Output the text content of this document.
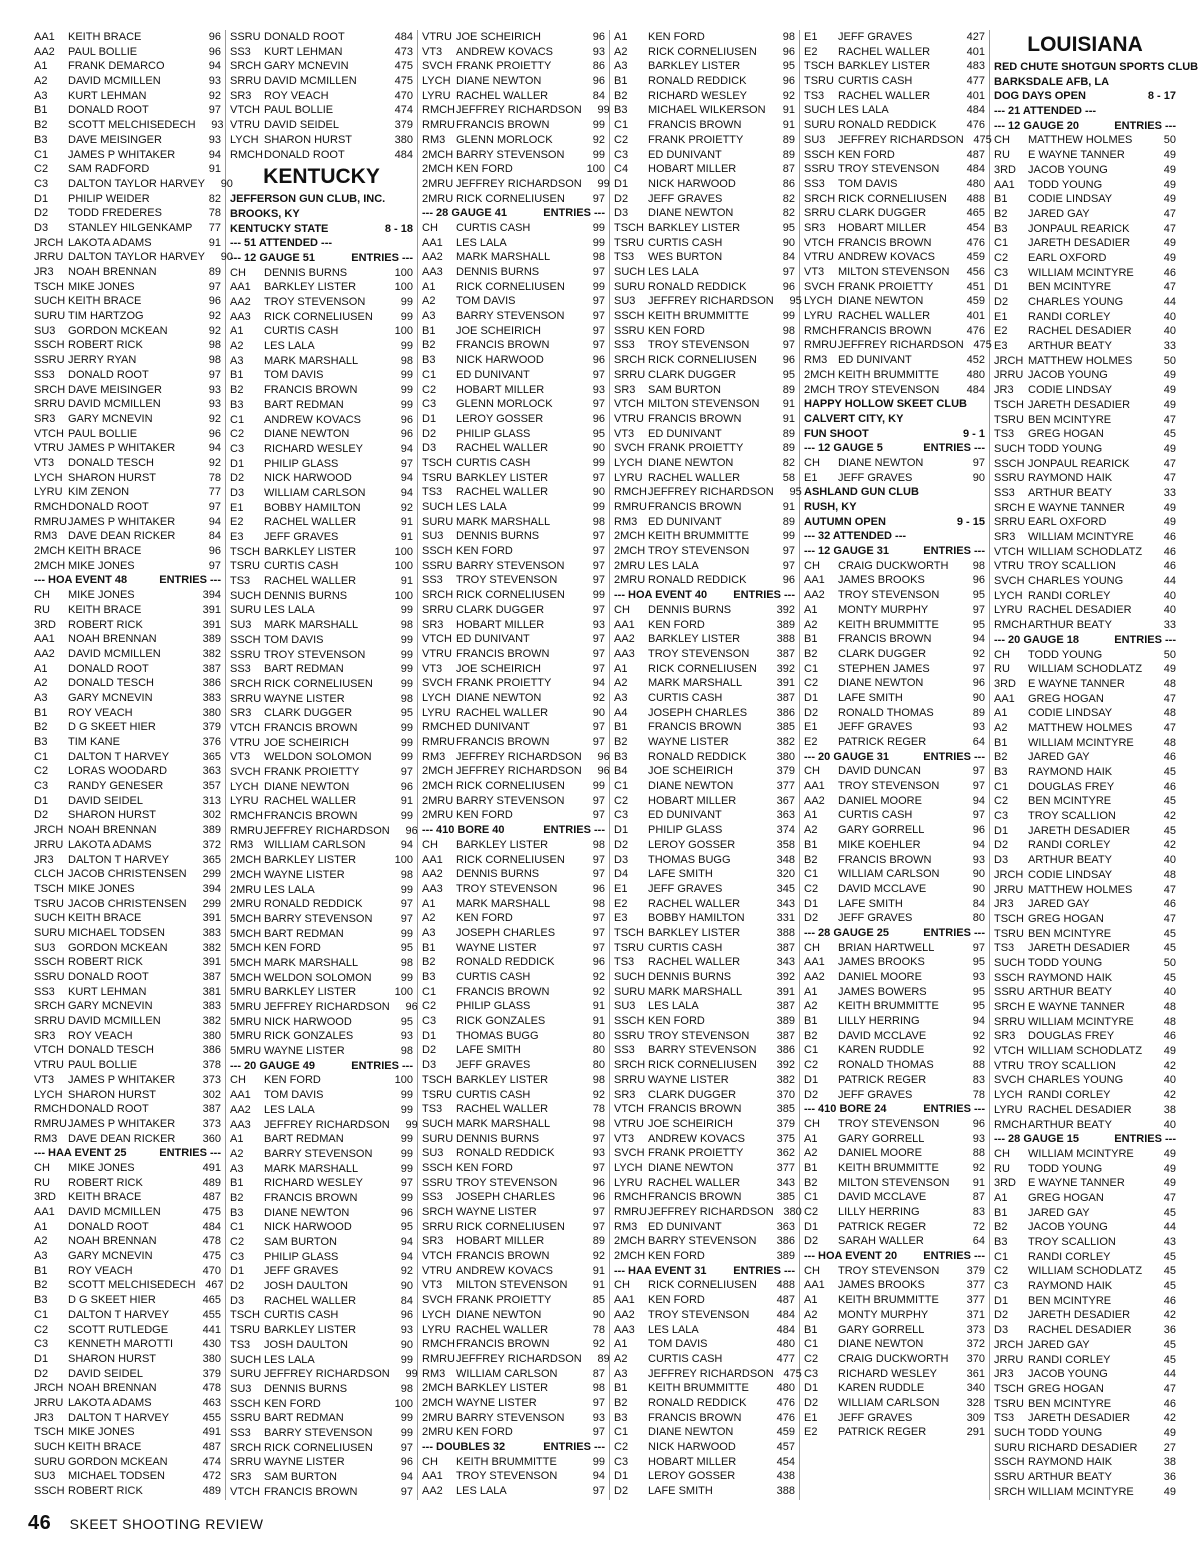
AA1	KEITH BRACE	96
AA2	PAUL BOLLIE	96
A1	FRANK DEMARCO	94
A2	DAVID MCMILLEN	93
A3	KURT LEHMAN	92
B1	DONALD ROOT	97
B2	SCOTT MELCHISEDECH	93
B3	DAVE MEISINGER	93
C1	JAMES P WHITAKER	94
C2	SAM RADFORD	91
C3	DALTON TAYLOR HARVEY	90
D1	PHILIP WEIDER	82
D2	TODD FREDERES	78
D3	STANLEY HILGENKAMP	77
JRCH LAKOTA ADAMS	91
JRRU DALTON TAYLOR HARVEY	90
JR3	NOAH BRENNAN	89
TSCH MIKE JONES	97
SUCH KEITH BRACE	96
SURU TIM HARTZOG	92
SU3	GORDON MCKEAN	92
SSCH ROBERT RICK	98
SSRU JERRY RYAN	98
SS3	DONALD ROOT	97
SRCH DAVE MEISINGER	93
SRRU DAVID MCMILLEN	93
SR3	GARY MCNEVIN	92
VTCH PAUL BOLLIE	96
VTRU JAMES P WHITAKER	94
VT3	DONALD TESCH	92
LYCH SHARON HURST	78
LYRU KIM ZENON	77
RMCH DONALD ROOT	97
RMRU JAMES P WHITAKER	94
RM3 DAVE DEAN RICKER	84
2MCH KEITH BRACE	96
2MCH MIKE JONES	97
--- HOA EVENT 48	ENTRIES ---
CH	MIKE JONES	394
RU	KEITH BRACE	391
3RD	ROBERT RICK	391
AA1	NOAH BRENNAN	389
AA2	DAVID MCMILLEN	382
A1	DONALD ROOT	387
A2	DONALD TESCH	386
A3	GARY MCNEVIN	383
B1	ROY VEACH	380
B2	D G SKEET HIER	379
B3	TIM KANE	376
C1	DALTON T HARVEY	365
C2	LORAS WOODARD	363
C3	RANDY GENESER	357
D1	DAVID SEIDEL	313
D2	SHARON HURST	302
JRCH NOAH BRENNAN	389
JRRU LAKOTA ADAMS	372
JR3	DALTON T HARVEY	365
CLCH JACOB CHRISTENSEN	299
TSCH MIKE JONES	394
TSRU JACOB CHRISTENSEN	299
SUCH KEITH BRACE	391
SURU MICHAEL TODSEN	383
SU3	GORDON MCKEAN	382
SSCH ROBERT RICK	391
SSRU DONALD ROOT	387
SS3	KURT LEHMAN	381
SRCH GARY MCNEVIN	383
SRRU DAVID MCMILLEN	382
SR3	ROY VEACH	380
VTCH DONALD TESCH	386
VTRU PAUL BOLLIE	378
VT3	JAMES P WHITAKER	373
LYCH SHARON HURST	302
RMCH DONALD ROOT	387
RMRU JAMES P WHITAKER	373
RM3 DAVE DEAN RICKER	360
--- HAA EVENT 25	ENTRIES ---
CH	MIKE JONES	491
RU	ROBERT RICK	489
3RD	KEITH BRACE	487
AA1	DAVID MCMILLEN	475
A1	DONALD ROOT	484
A2	NOAH BRENNAN	478
A3	GARY MCNEVIN	475
B1	ROY VEACH	470
B2	SCOTT MELCHISEDECH 467
B3	D G SKEET HIER	465
C1	DALTON T HARVEY	455
C2	SCOTT RUTLEDGE	441
C3	KENNETH MAROTTI	430
D1	SHARON HURST	380
D2	DAVID SEIDEL	379
JRCH NOAH BRENNAN	478
JRRU LAKOTA ADAMS	463
JR3	DALTON T HARVEY	455
TSCH MIKE JONES	491
SUCH KEITH BRACE	487
SURU GORDON MCKEAN	474
SU3	MICHAEL TODSEN	472
SSCH ROBERT RICK	489
SSRU DONALD ROOT	484
SS3	KURT LEHMAN	473
SRCH GARY MCNEVIN	475
SRRU DAVID MCMILLEN	475
SR3	ROY VEACH	470
VTCH PAUL BOLLIE	474
VTRU DAVID SEIDEL	379
LYCH SHARON HURST	380
RMCH DONALD ROOT	484
KENTUCKY
JEFFERSON GUN CLUB, INC.
BROOKS, KY
KENTUCKY STATE	8 - 18
--- 51 ATTENDED ---
--- 12 GAUGE 51	ENTRIES ---
CH	DENNIS BURNS	100
AA1	BARKLEY LISTER	100
AA2	TROY STEVENSON	99
AA3	RICK CORNELIUSEN	99
A1	CURTIS CASH	100
A2	LES LALA	99
A3	MARK MARSHALL	98
B1	TOM DAVIS	99
B2	FRANCIS BROWN	99
B3	BART REDMAN	99
C1	ANDREW KOVACS	96
C2	DIANE NEWTON	96
C3	RICHARD WESLEY	94
D1	PHILIP GLASS	97
D2	NICK HARWOOD	94
D3	WILLIAM CARLSON	94
E1	BOBBY HAMILTON	92
E2	RACHEL WALLER	91
E3	JEFF GRAVES	91
TSCH BARKLEY LISTER	100
TSRU CURTIS CASH	100
TS3	RACHEL WALLER	91
SUCH DENNIS BURNS	100
SURU LES LALA	99
SU3	MARK MARSHALL	98
SSCH TOM DAVIS	99
SSRU TROY STEVENSON	99
SS3	BART REDMAN	99
SRCH RICK CORNELIUSEN	99
SRRU WAYNE LISTER	98
SR3	CLARK DUGGER	95
VTCH FRANCIS BROWN	99
VTRU JOE SCHEIRICH	99
VT3	WELDON SOLOMON	99
SVCH FRANK PROIETTY	97
LYCH DIANE NEWTON	96
LYRU RACHEL WALLER	91
RMCH FRANCIS BROWN	99
RMRU JEFFREY RICHARDSON	96
RM3 WILLIAM CARLSON	94
2MCH BARKLEY LISTER	100
2MCH WAYNE LISTER	98
2MRU LES LALA	99
2MRU RONALD REDDICK	97
5MCH BARRY STEVENSON	97
5MCH BART REDMAN	99
5MCH KEN FORD	95
5MCH MARK MARSHALL	98
5MCH WELDON SOLOMON	99
5MRU BARKLEY LISTER	100
5MRU JEFFREY RICHARDSON	96
5MRU NICK HARWOOD	95
5MRU RICK GONZALES	93
5MRU WAYNE LISTER	98
--- 20 GAUGE 49	ENTRIES ---
CH	KEN FORD	100
AA1	TOM DAVIS	99
AA2	LES LALA	99
AA3	JEFFREY RICHARDSON	99
A1	BART REDMAN	99
A2	BARRY STEVENSON	99
A3	MARK MARSHALL	99
B1	RICHARD WESLEY	97
B2	FRANCIS BROWN	99
B3	DIANE NEWTON	96
C1	NICK HARWOOD	95
C2	SAM BURTON	94
C3	PHILIP GLASS	94
D1	JEFF GRAVES	92
D2	JOSH DAULTON	90
D3	RACHEL WALLER	84
TSCH CURTIS CASH	96
TSRU BARKLEY LISTER	93
TS3	JOSH DAULTON	90
SUCH LES LALA	99
SURU JEFFREY RICHARDSON	99
SU3	DENNIS BURNS	98
SSCH KEN FORD	100
SSRU BART REDMAN	99
SS3	BARRY STEVENSON	99
SRCH RICK CORNELIUSEN	97
SRRU WAYNE LISTER	96
SR3	SAM BURTON	94
VTCH FRANCIS BROWN	97
VTRU JOE SCHEIRICH	96
VT3	ANDREW KOVACS	93
SVCH FRANK PROIETTY	86
LYCH DIANE NEWTON	96
LYRU RACHEL WALLER	84
RMCH JEFFREY RICHARDSON	99
RMRU FRANCIS BROWN	99
RM3 GLENN MORLOCK	92
2MCH BARRY STEVENSON	99
2MCH KEN FORD	100
2MRU JEFFREY RICHARDSON	99
2MRU RICK CORNELIUSEN	97
--- 28 GAUGE 41	ENTRIES ---
CH	CURTIS CASH	99
AA1	LES LALA	99
AA2	MARK MARSHALL	98
AA3	DENNIS BURNS	97
A1	RICK CORNELIUSEN	99
A2	TOM DAVIS	97
A3	BARRY STEVENSON	97
B1	JOE SCHEIRICH	97
B2	FRANCIS BROWN	97
B3	NICK HARWOOD	96
C1	ED DUNIVANT	97
C2	HOBART MILLER	93
C3	GLENN MORLOCK	97
D1	LEROY GOSSER	96
D2	PHILIP GLASS	95
D3	RACHEL WALLER	90
TSCH CURTIS CASH	99
TSRU BARKLEY LISTER	97
TS3	RACHEL WALLER	90
SUCH LES LALA	99
SURU MARK MARSHALL	98
SU3	DENNIS BURNS	97
SSCH KEN FORD	97
SSRU BARRY STEVENSON	97
SS3	TROY STEVENSON	97
SRCH RICK CORNELIUSEN	99
SRRU CLARK DUGGER	97
SR3	HOBART MILLER	93
VTCH ED DUNIVANT	97
VTRU FRANCIS BROWN	97
VT3	JOE SCHEIRICH	97
SVCH FRANK PROIETTY	94
LYCH DIANE NEWTON	92
LYRU RACHEL WALLER	90
RMCH ED DUNIVANT	97
RMRU FRANCIS BROWN	97
RM3 JEFFREY RICHARDSON	96
2MCH JEFFREY RICHARDSON	96
2MCH RICK CORNELIUSEN	99
2MRU BARRY STEVENSON	97
2MRU KEN FORD	97
--- 410 BORE 40	ENTRIES ---
CH	BARKLEY LISTER	98
AA1	RICK CORNELIUSEN	97
AA2	DENNIS BURNS	97
AA3	TROY STEVENSON	96
A1	MARK MARSHALL	98
A2	KEN FORD	97
A3	JOSEPH CHARLES	97
B1	WAYNE LISTER	97
B2	RONALD REDDICK	96
B3	CURTIS CASH	92
C1	FRANCIS BROWN	92
C2	PHILIP GLASS	91
C3	RICK GONZALES	91
D1	THOMAS BUGG	80
D2	LAFE SMITH	80
D3	JEFF GRAVES	80
TSCH BARKLEY LISTER	98
TSRU CURTIS CASH	92
TS3	RACHEL WALLER	78
SUCH MARK MARSHALL	98
SURU DENNIS BURNS	97
SU3	RONALD REDDICK	93
SSCH KEN FORD	97
SSRU TROY STEVENSON	96
SS3	JOSEPH CHARLES	96
SRCH WAYNE LISTER	97
SRRU RICK CORNELIUSEN	97
SR3	HOBART MILLER	89
VTCH FRANCIS BROWN	92
VTRU ANDREW KOVACS	91
VT3	MILTON STEVENSON	91
SVCH FRANK PROIETTY	85
LYCH DIANE NEWTON	90
LYRU RACHEL WALLER	78
RMCH FRANCIS BROWN	92
RMRU JEFFREY RICHARDSON	89
RM3 WILLIAM CARLSON	87
2MCH BARKLEY LISTER	98
2MCH WAYNE LISTER	97
2MRU BARRY STEVENSON	93
2MRU KEN FORD	97
--- DOUBLES 32	ENTRIES ---
CH	KEITH BRUMMITTE	99
AA1	TROY STEVENSON	94
AA2	LES LALA	97
A1	KEN FORD	98
A2	RICK CORNELIUSEN	96
A3	BARKLEY LISTER	95
B1	RONALD REDDICK	96
B2	RICHARD WESLEY	92
B3	MICHAEL WILKERSON	91
C1	FRANCIS BROWN	91
C2	FRANK PROIETTY	89
C3	ED DUNIVANT	89
C4	HOBART MILLER	87
D1	NICK HARWOOD	86
D2	JEFF GRAVES	82
D3	DIANE NEWTON	82
TSCH BARKLEY LISTER	95
TSRU CURTIS CASH	90
TS3	WES BURTON	84
SUCH LES LALA	97
SURU RONALD REDDICK	96
SU3	JEFFREY RICHARDSON	95
SSCH KEITH BRUMMITTE	99
SSRU KEN FORD	98
SS3	TROY STEVENSON	97
SRCH RICK CORNELIUSEN	96
SRRU CLARK DUGGER	95
SR3	SAM BURTON	89
VTCH MILTON STEVENSON	91
VTRU FRANCIS BROWN	91
VT3	ED DUNIVANT	89
SVCH FRANK PROIETTY	89
LYCH DIANE NEWTON	82
LYRU RACHEL WALLER	58
RMCH JEFFREY RICHARDSON	95
RMRU FRANCIS BROWN	91
RM3 ED DUNIVANT	89
2MCH KEITH BRUMMITTE	99
2MCH TROY STEVENSON	97
2MRU LES LALA	97
2MRU RONALD REDDICK	96
--- HOA EVENT 40 ENTRIES ---
CH	DENNIS BURNS	392
AA1	KEN FORD	389
AA2	BARKLEY LISTER	388
AA3	TROY STEVENSON	387
A1	RICK CORNELIUSEN	392
A2	MARK MARSHALL	391
A3	CURTIS CASH	387
A4	JOSEPH CHARLES	386
B1	FRANCIS BROWN	385
B2	WAYNE LISTER	382
B3	RONALD REDDICK	380
B4	JOE SCHEIRICH	379
C1	DIANE NEWTON	377
C2	HOBART MILLER	367
C3	ED DUNIVANT	363
D1	PHILIP GLASS	374
D2	LEROY GOSSER	358
D3	THOMAS BUGG	348
D4	LAFE SMITH	320
E1	JEFF GRAVES	345
E2	RACHEL WALLER	343
E3	BOBBY HAMILTON	331
TSCH BARKLEY LISTER	388
TSRU CURTIS CASH	387
TS3	RACHEL WALLER	343
SUCH DENNIS BURNS	392
SURU MARK MARSHALL	391
SU3	LES LALA	387
SSCH KEN FORD	389
SSRU TROY STEVENSON	387
SS3	BARRY STEVENSON	386
SRCH RICK CORNELIUSEN	392
SRRU WAYNE LISTER	382
SR3	CLARK DUGGER	370
VTCH FRANCIS BROWN	385
VTRU JOE SCHEIRICH	379
VT3	ANDREW KOVACS	375
SVCH FRANK PROIETTY	362
LYCH DIANE NEWTON	377
LYRU RACHEL WALLER	343
RMCH FRANCIS BROWN	385
RMRU JEFFREY RICHARDSON 380
RM3 ED DUNIVANT	363
2MCH BARRY STEVENSON	386
2MCH KEN FORD	389
--- HAA EVENT 31 ENTRIES ---
CH	RICK CORNELIUSEN	488
AA1	KEN FORD	487
AA2	TROY STEVENSON	484
AA3	LES LALA	484
A1	TOM DAVIS	480
A2	CURTIS CASH	477
A3	JEFFREY RICHARDSON 475
B1	KEITH BRUMMITTE	480
B2	RONALD REDDICK	476
B3	FRANCIS BROWN	476
C1	DIANE NEWTON	459
C2	NICK HARWOOD	457
C3	HOBART MILLER	454
D1	LEROY GOSSER	438
D2	LAFE SMITH	388
E1	JEFF GRAVES	427
E2	RACHEL WALLER	401
TSCH BARKLEY LISTER	483
TSRU CURTIS CASH	477
TS3	RACHEL WALLER	401
SUCH LES LALA	484
SURU RONALD REDDICK	476
SU3	JEFFREY RICHARDSON 475
SSCH KEN FORD	487
SSRU TROY STEVENSON	484
SS3	TOM DAVIS	480
SRCH RICK CORNELIUSEN	488
SRRU CLARK DUGGER	465
SR3	HOBART MILLER	454
VTCH FRANCIS BROWN	476
VTRU ANDREW KOVACS	459
VT3	MILTON STEVENSON	456
SVCH FRANK PROIETTY	451
LYCH DIANE NEWTON	459
LYRU RACHEL WALLER	401
RMCH FRANCIS BROWN	476
RMRU JEFFREY RICHARDSON 475
RM3 ED DUNIVANT	452
2MCH KEITH BRUMMITTE	480
2MCH TROY STEVENSON	484
HAPPY HOLLOW SKEET CLUB
CALVERT CITY, KY
FUN SHOOT	9 - 1
--- 12 GAUGE 5	ENTRIES ---
CH	DIANE NEWTON	97
E1	JEFF GRAVES	90
ASHLAND GUN CLUB
RUSH, KY
AUTUMN OPEN	9 - 15
--- 32 ATTENDED ---
--- 12 GAUGE 31	ENTRIES ---
CH	CRAIG DUCKWORTH	98
AA1	JAMES BROOKS	96
AA2	TROY STEVENSON	95
A1	MONTY MURPHY	97
A2	KEITH BRUMMITTE	95
B1	FRANCIS BROWN	94
B2	CLARK DUGGER	92
C1	STEPHEN JAMES	97
C2	DIANE NEWTON	96
D1	LAFE SMITH	90
D2	RONALD THOMAS	89
E1	JEFF GRAVES	93
E2	PATRICK REGER	64
--- 20 GAUGE 31	ENTRIES ---
CH	DAVID DUNCAN	97
AA1	TROY STEVENSON	97
AA2	DANIEL MOORE	94
A1	CURTIS CASH	97
A2	GARY GORRELL	96
B1	MIKE KOEHLER	94
B2	FRANCIS BROWN	93
C1	WILLIAM CARLSON	90
C2	DAVID MCCLAVE	90
D1	LAFE SMITH	84
D2	JEFF GRAVES	80
--- 28 GAUGE 25	ENTRIES ---
CH	BRIAN HARTWELL	97
AA1	JAMES BROOKS	95
AA2	DANIEL MOORE	93
A1	JAMES BOWERS	95
A2	KEITH BRUMMITTE	95
B1	LILLY HERRING	94
B2	DAVID MCCLAVE	92
C1	KAREN RUDDLE	92
C2	RONALD THOMAS	88
D1	PATRICK REGER	83
D2	JEFF GRAVES	78
--- 410 BORE 24	ENTRIES ---
CH	TROY STEVENSON	96
A1	GARY GORRELL	93
A2	DANIEL MOORE	88
B1	KEITH BRUMMITTE	92
B2	MILTON STEVENSON	91
C1	DAVID MCCLAVE	87
C2	LILLY HERRING	83
D1	PATRICK REGER	72
D2	SARAH WALLER	64
--- HOA EVENT 20 ENTRIES ---
CH	TROY STEVENSON	379
AA1	JAMES BROOKS	377
A1	KEITH BRUMMITTE	377
A2	MONTY MURPHY	371
B1	GARY GORRELL	373
C1	DIANE NEWTON	372
C2	CRAIG DUCKWORTH	370
C3	RICHARD WESLEY	361
D1	KAREN RUDDLE	340
D2	WILLIAM CARLSON	328
E1	JEFF GRAVES	309
E2	PATRICK REGER	291
LOUISIANA
RED CHUTE SHOTGUN SPORTS CLUB
BARKSDALE AFB, LA
DOG DAYS OPEN	8 - 17
--- 21 ATTENDED ---
--- 12 GAUGE 20	ENTRIES ---
CH	MATTHEW HOLMES	50
RU	E WAYNE TANNER	49
3RD	JACOB YOUNG	49
AA1	TODD YOUNG	49
B1	CODIE LINDSAY	49
B2	JARED GAY	47
B3	JONPAUL REARICK	47
C1	JARETH DESADIER	49
C2	EARL OXFORD	49
C3	WILLIAM MCINTYRE	46
D1	BEN MCINTYRE	47
D2	CHARLES YOUNG	44
E1	RANDI CORLEY	40
E2	RACHEL DESADIER	40
E3	ARTHUR BEATY	33
JRCH MATTHEW HOLMES	50
JRRU JACOB YOUNG	49
JR3	CODIE LINDSAY	49
TSCH JARETH DESADIER	49
TSRU BEN MCINTYRE	47
TS3	GREG HOGAN	45
SUCH TODD YOUNG	49
SSCH JONPAUL REARICK	47
SSRU RAYMOND HAIK	47
SS3	ARTHUR BEATY	33
SRCH E WAYNE TANNER	49
SRRU EARL OXFORD	49
SR3	WILLIAM MCINTYRE	46
VTCH WILLIAM SCHODLATZ	46
VTRU TROY SCALLION	46
SVCH CHARLES YOUNG	44
LYCH RANDI CORLEY	40
LYRU RACHEL DESADIER	40
RMCH ARTHUR BEATY	33
--- 20 GAUGE 18	ENTRIES ---
CH	TODD YOUNG	50
RU	WILLIAM SCHODLATZ	49
3RD	E WAYNE TANNER	48
AA1	GREG HOGAN	47
A1	CODIE LINDSAY	48
A2	MATTHEW HOLMES	47
B1	WILLIAM MCINTYRE	48
B2	JARED GAY	46
B3	RAYMOND HAIK	45
C1	DOUGLAS FREY	46
C2	BEN MCINTYRE	45
C3	TROY SCALLION	42
D1	JARETH DESADIER	45
D2	RANDI CORLEY	42
D3	ARTHUR BEATY	40
JRCH CODIE LINDSAY	48
JRRU MATTHEW HOLMES	47
JR3	JARED GAY	46
TSCH GREG HOGAN	47
TSRU BEN MCINTYRE	45
TS3	JARETH DESADIER	45
SUCH TODD YOUNG	50
SSCH RAYMOND HAIK	45
SSRU ARTHUR BEATY	40
SRCH E WAYNE TANNER	48
SRRU WILLIAM MCINTYRE	48
SR3	DOUGLAS FREY	46
VTCH WILLIAM SCHODLATZ	49
VTRU TROY SCALLION	42
SVCH CHARLES YOUNG	40
LYCH RANDI CORLEY	42
LYRU RACHEL DESADIER	38
RMCH ARTHUR BEATY	40
--- 28 GAUGE 15	ENTRIES ---
CH	WILLIAM MCINTYRE	49
RU	TODD YOUNG	49
3RD	E WAYNE TANNER	49
A1	GREG HOGAN	47
B1	JARED GAY	45
B2	JACOB YOUNG	44
B3	TROY SCALLION	43
C1	RANDI CORLEY	45
C2	WILLIAM SCHODLATZ	45
C3	RAYMOND HAIK	45
D1	BEN MCINTYRE	46
D2	JARETH DESADIER	42
D3	RACHEL DESADIER	36
JRCH JARED GAY	45
JRRU RANDI CORLEY	45
JR3	JACOB YOUNG	44
TSCH GREG HOGAN	47
TSRU BEN MCINTYRE	46
TS3	JARETH DESADIER	42
SUCH TODD YOUNG	49
SURU RICHARD DESADIER	27
SSCH RAYMOND HAIK	38
SSRU ARTHUR BEATY	36
SRCH WILLIAM MCINTYRE	49
46 SKEET SHOOTING REVIEW
